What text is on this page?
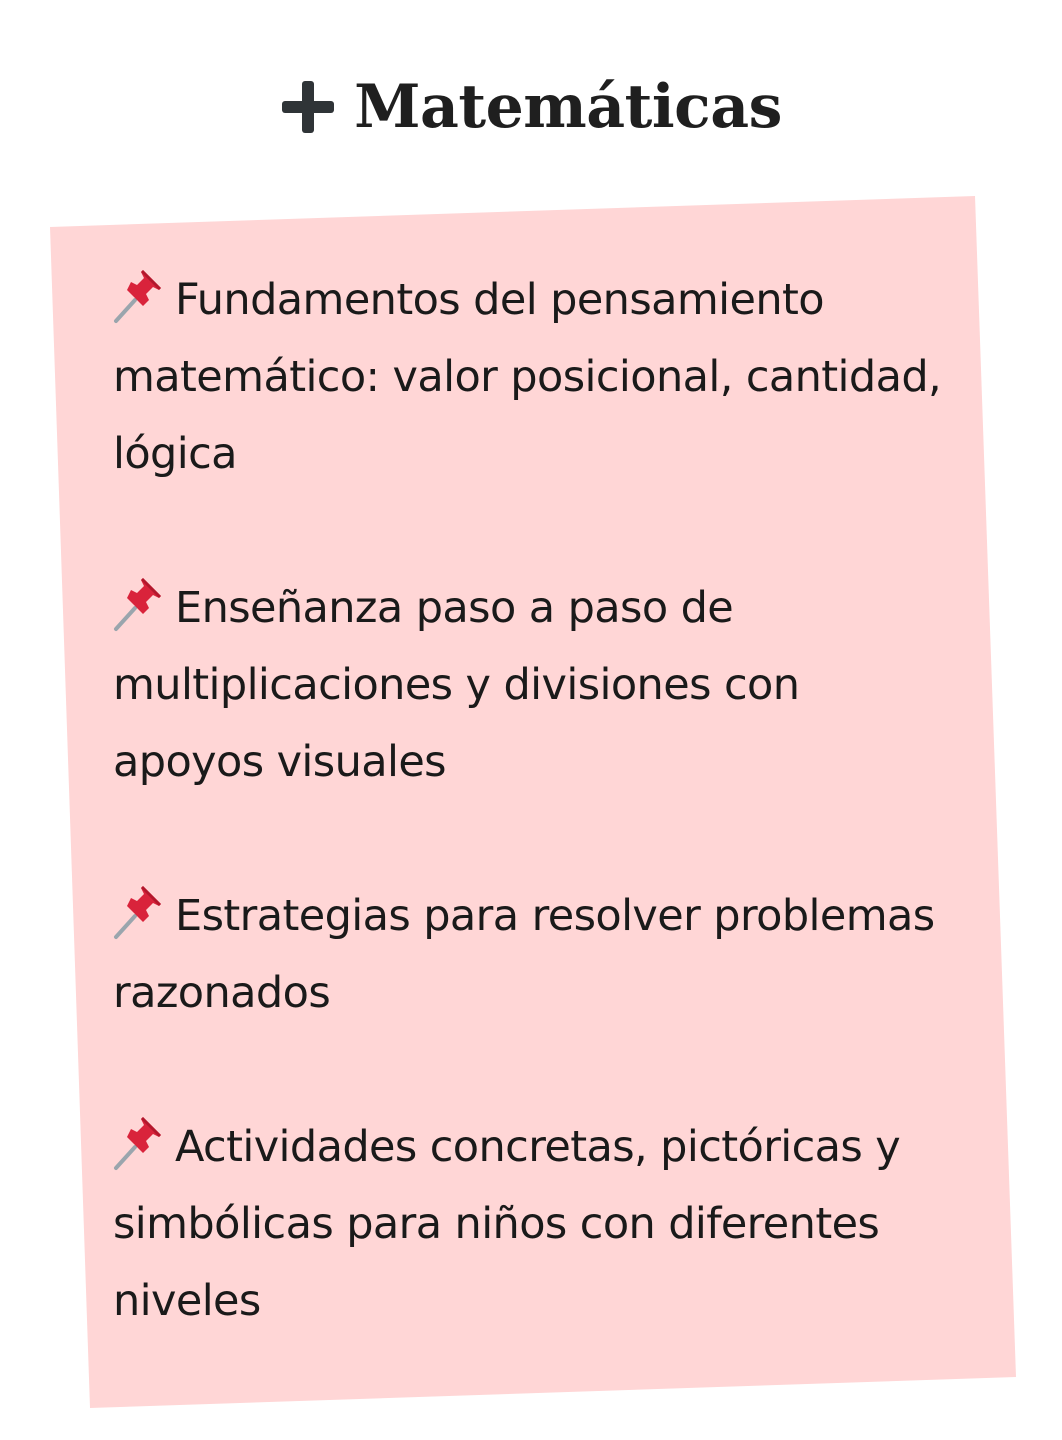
Matemáticas

Fundamentos del pensamiento matemático: valor posicional, cantidad, lógica

Enseñanza paso a paso de multiplicaciones y divisiones con apoyos visuales

Estrategias para resolver problemas razonados

Actividades concretas, pictóricas y simbólicas para niños con diferentes niveles
